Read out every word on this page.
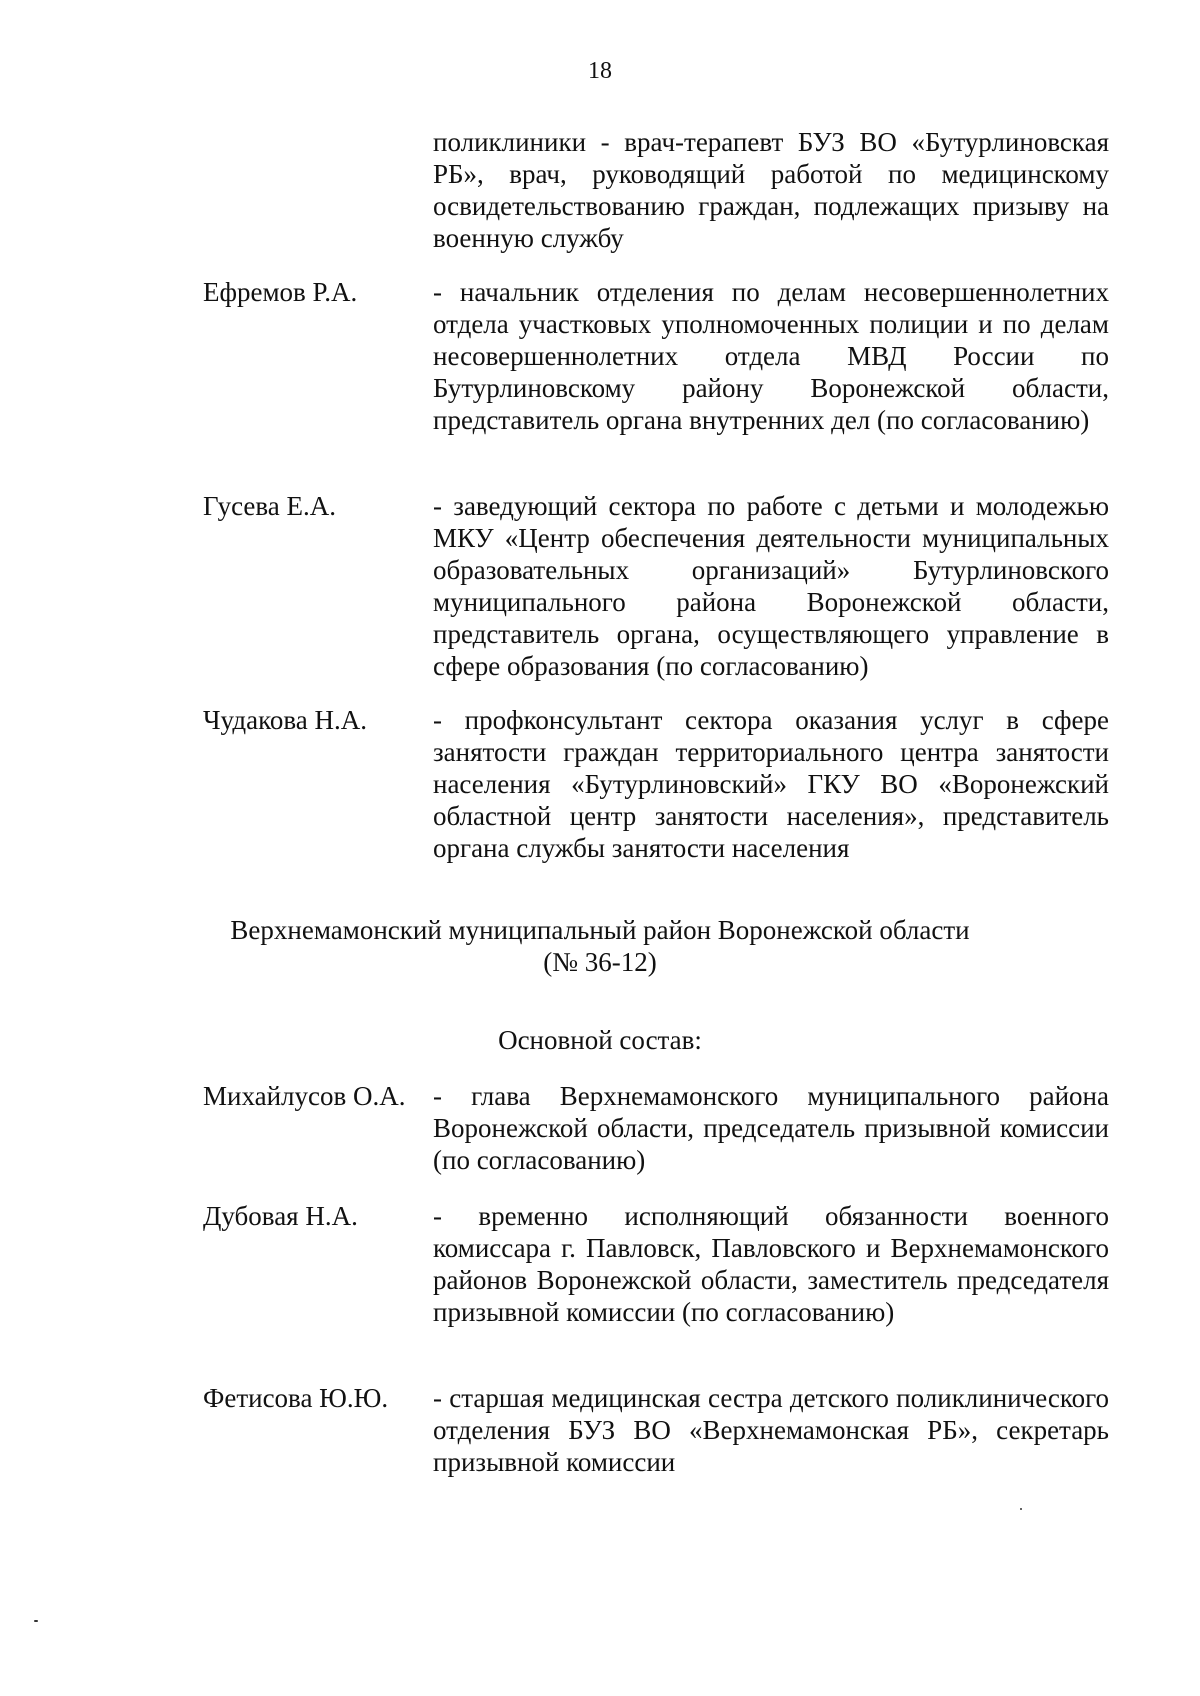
18
поликлиники - врач-терапевт БУЗ ВО «Бутурлиновская РБ», врач, руководящий работой по медицинскому освидетельствованию граждан, подлежащих призыву на военную службу
Ефремов Р.А.	- начальник отделения по делам несовершеннолетних отдела участковых уполномоченных полиции и по делам несовершеннолетних отдела МВД России по Бутурлиновскому району Воронежской области, представитель органа внутренних дел (по согласованию)
Гусева Е.А.	- заведующий сектора по работе с детьми и молодежью МКУ «Центр обеспечения деятельности муниципальных образовательных организаций» Бутурлиновского муниципального района Воронежской области, представитель органа, осуществляющего управление в сфере образования (по согласованию)
Чудакова Н.А. - профконсультант сектора оказания услуг в сфере занятости граждан территориального центра занятости населения «Бутурлиновский» ГКУ ВО «Воронежский областной центр занятости населения», представитель органа службы занятости населения
Верхнемамонский муниципальный район Воронежской области
(№ 36-12)
Основной состав:
Михайлусов О.А. - глава Верхнемамонского муниципального района Воронежской области, председатель призывной комиссии (по согласованию)
Дубовая Н.А.	- временно исполняющий обязанности военного комиссара г. Павловск, Павловского и Верхнемамонского районов Воронежской области, заместитель председателя призывной комиссии (по согласованию)
Фетисова Ю.Ю. - старшая медицинская сестра детского поликлинического отделения БУЗ ВО «Верхнемамонская РБ», секретарь призывной комиссии
